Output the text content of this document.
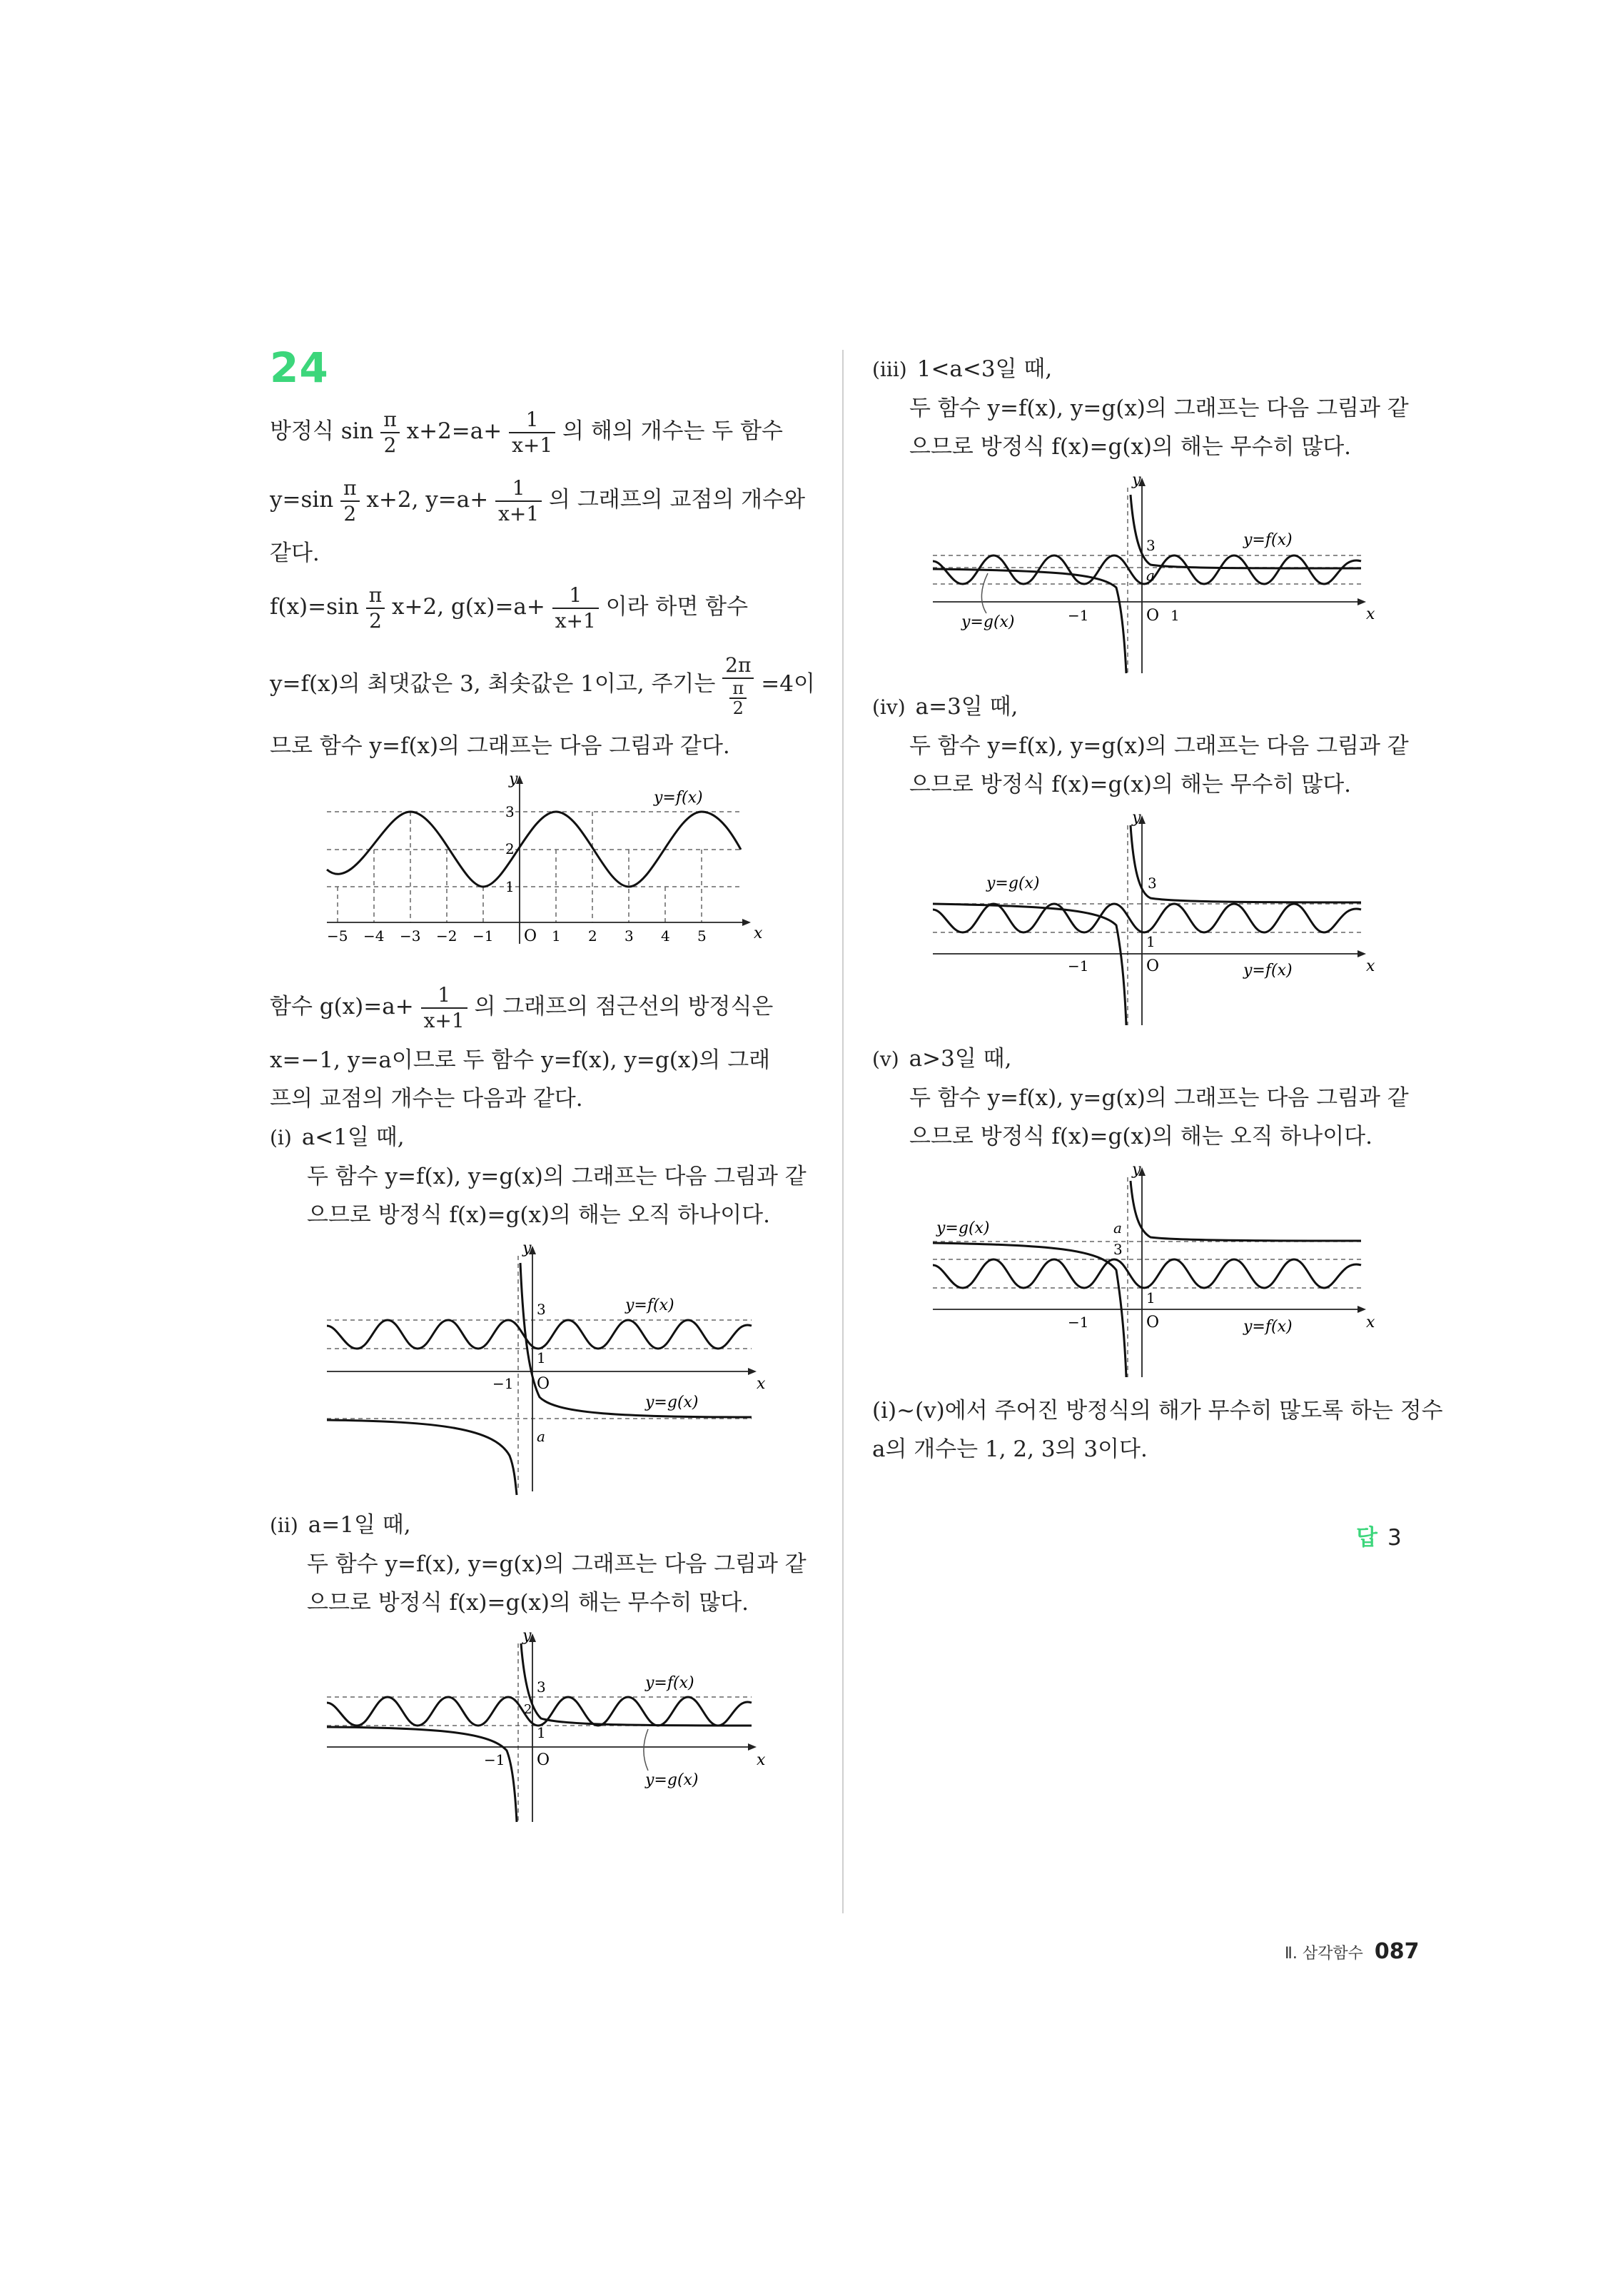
24
방정식 $\sin \frac{\pi}{2} x+2=a+ \frac{1}{x+1}$ 의 해의 개수는 두 함수
$y=\sin \frac{\pi}{2} x+2$, $y=a+ \frac{1}{x+1}$ 의 그래프의 교점의 개수와
같다.
$f(x)=\sin \frac{\pi}{2} x+2$, $g(x)=a+ \frac{1}{x+1}$ 이라 하면 함수
y=f(x)의 최댓값은 3, 최솟값은 1이고, 주기는 $\frac{2\pi}{\frac{\pi}{2}} =4$이
므로 함수 y=f(x)의 그래프는 다음 그림과 같다.
y
x
O
y=f(x)
3
2
1
−5 −4 −3 −2 −1	1 2 3 4 5
함수 $g(x)=a+ \frac{1}{x+1}$ 의 그래프의 점근선의 방정식은
x=−1, y=a이므로 두 함수 y=f(x), y=g(x)의 그래
프의 교점의 개수는 다음과 같다.
(i) a<1일 때,
두 함수 y=f(x), y=g(x)의 그래프는 다음 그림과 같
으므로 방정식 f(x)=g(x)의 해는 오직 하나이다.
y
x
O
3
1
−1
a
y=f(x)
y=g(x)
(ii) a=1일 때,
두 함수 y=f(x), y=g(x)의 그래프는 다음 그림과 같
으므로 방정식 f(x)=g(x)의 해는 무수히 많다.
y
x
O
3
2
1
−1
y=f(x)
y=g(x)
(iii) 1<a<3일 때,
두 함수 y=f(x), y=g(x)의 그래프는 다음 그림과 같
으므로 방정식 f(x)=g(x)의 해는 무수히 많다.
y
x
O
3
a
1
−1
y=f(x)
y=g(x)
(iv) a=3일 때,
두 함수 y=f(x), y=g(x)의 그래프는 다음 그림과 같
으므로 방정식 f(x)=g(x)의 해는 무수히 많다.
y
x
O
3
1
−1	y=f(x)
y=g(x)
(v) a>3일 때,
두 함수 y=f(x), y=g(x)의 그래프는 다음 그림과 같
으므로 방정식 f(x)=g(x)의 해는 오직 하나이다.
y
x
O
a
3
1
−1	y=f(x)
y=g(x)
(i)~(v)에서 주어진 방정식의 해가 무수히 많도록 하는 정수
a의 개수는 1, 2, 3의 3이다.
답 3
Ⅱ. 삼각함수 087
